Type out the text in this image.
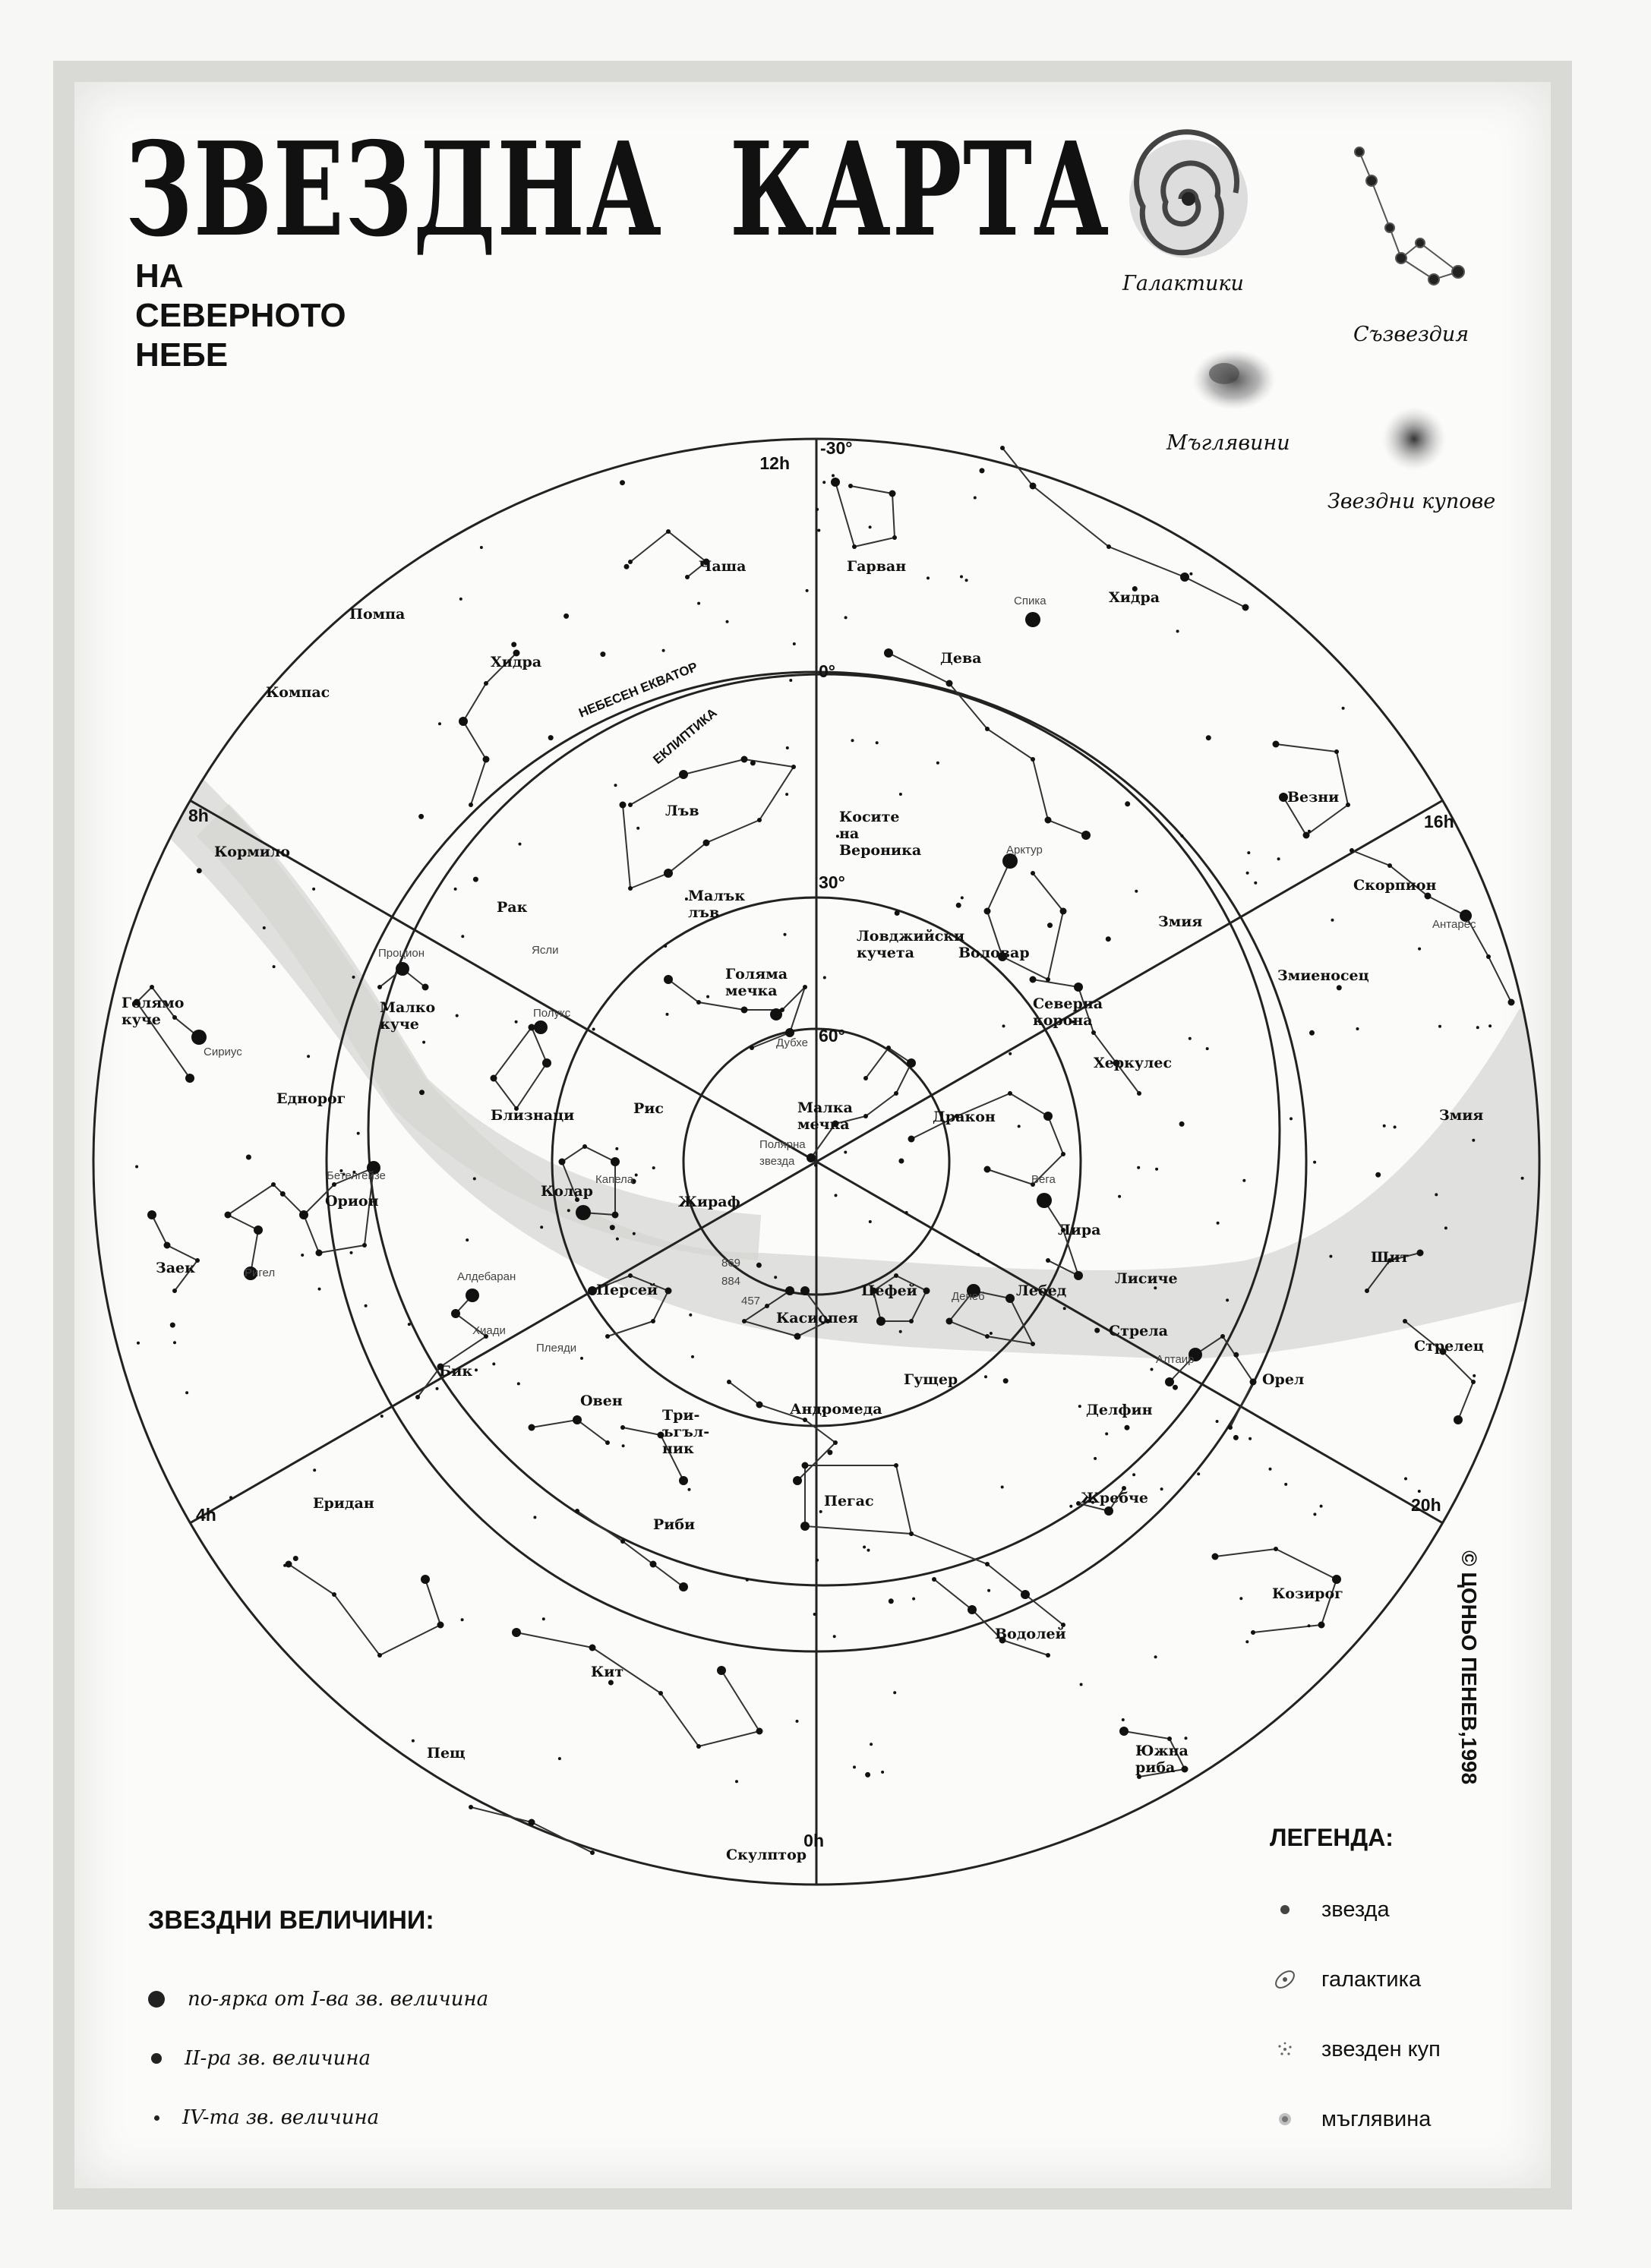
ЗВЕЗДНА  КАРТА
НА
СЕВЕРНОТО
НЕБЕ
Галактики
Съзвездия
Мъглявини
Звездни купове
12h
16h
20h
0h
4h
8h
-30°
0°
30°
60°
НЕБЕСЕН ЕКВАТОР
ЕКЛИПТИКА
Чаша	Гарван
Хидра
Помпа
Хидра	Дева
Компас
Везни
Лъв	Косите на Вероника
Кормило
Скорпион
Малък лъв
Рак
Ловджийски кучета	Воловар
Змия
Голяма мечка
Голямо куче
Малко куче
Змиеносец
Северна корона
Херкулес
Еднорог
Рис
Близнаци	Малка мечка	Дракон	Змия
Орион
Колар
Жираф
Лира
Заек
Персей	Цефей	Лебед
Лисиче
Щит
Касиопея
Стрела
Бик	Гущер	Орел
Стрелец
Овен	Андромеда	Делфин
Три-ъгъл-ник
Еридан	Пегас	Жребче
Риби
Козирог
Водолей
Кит
Пещ	Южна риба
Скулптор
Спика
Арктур
Антарес
Процион
Полукс
Сириус
Дубхе
Полярна звезда
Бетелгейзе	Капела	Вега
Ригел	Алдебаран
Денеб
Алтаир
Ясли
Хиади
Плеяди
869
884
457
ЗВЕЗДНИ ВЕЛИЧИНИ:
по-ярка от I-ва зв. величина
II-ра зв. величина
IV-та зв. величина
ЛЕГЕНДА:
звезда
галактика
звезден куп
мъглявина
© ЦОНЬО ПЕНЕВ,1998
